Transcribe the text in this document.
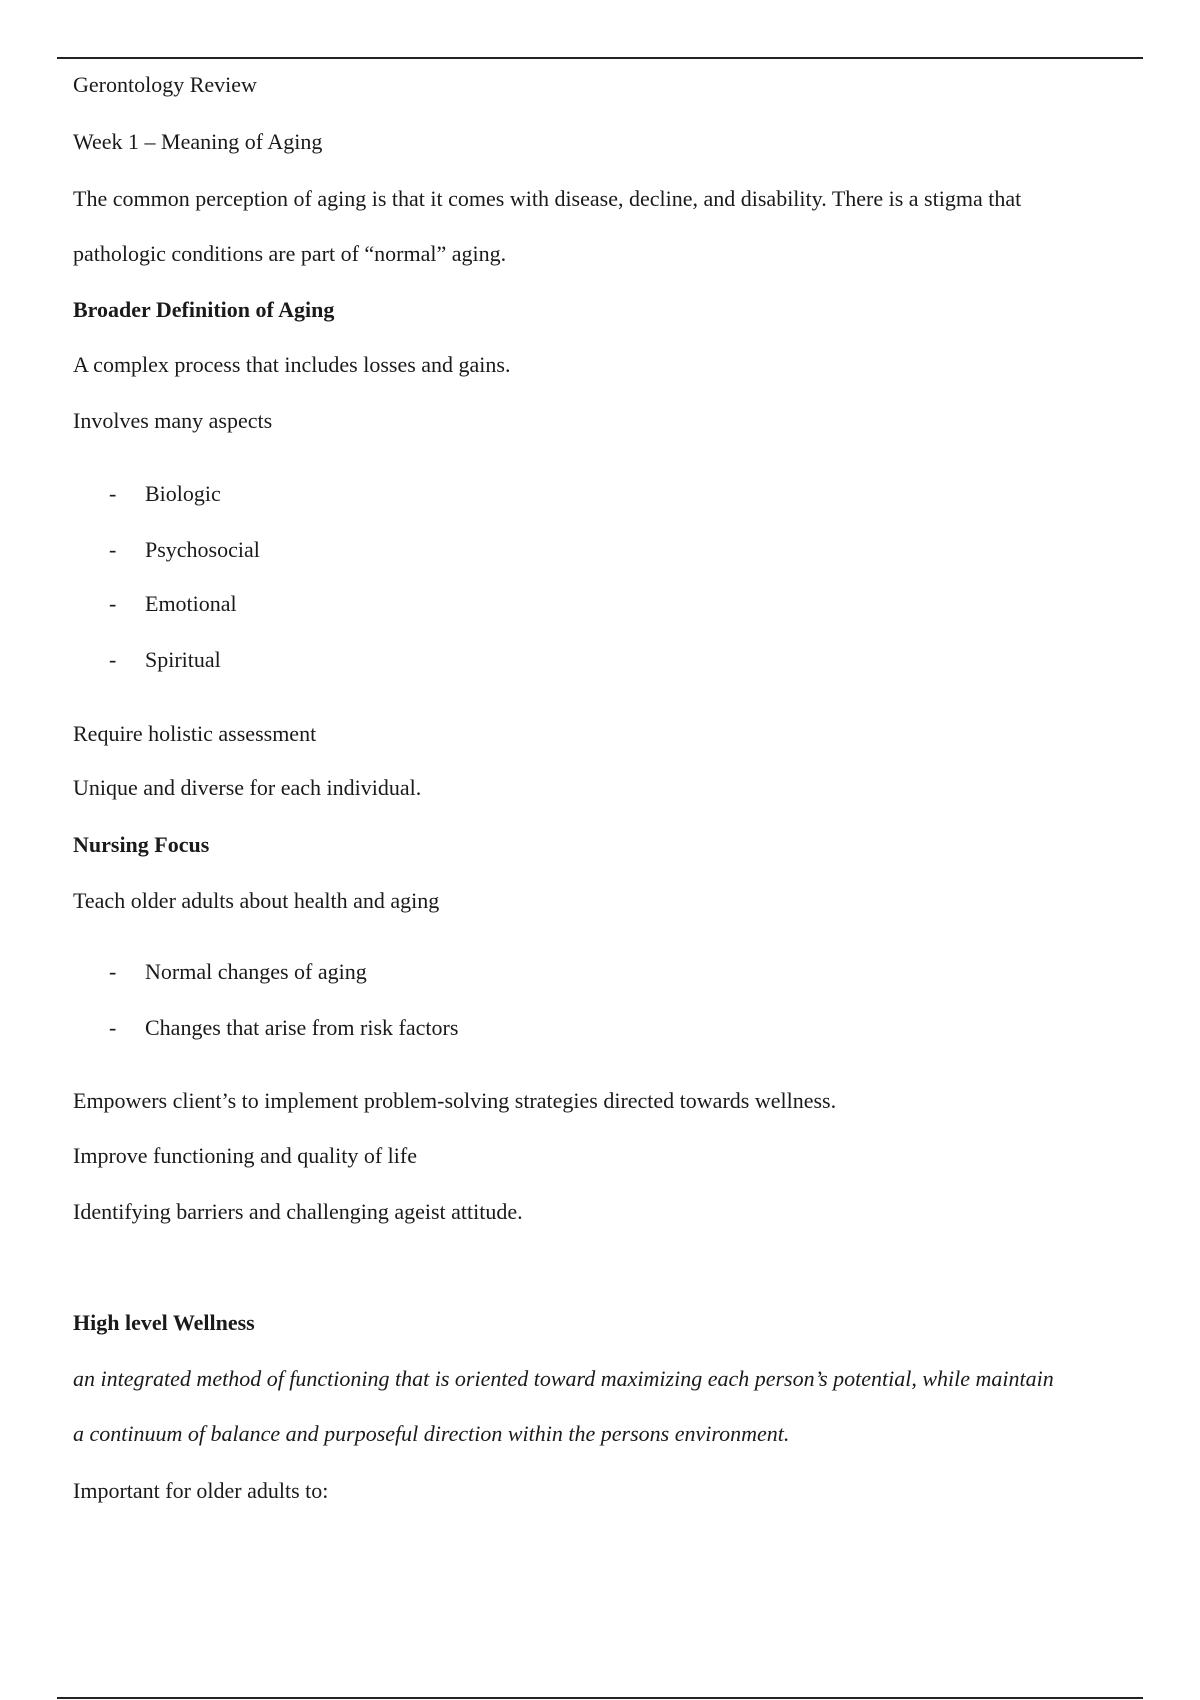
Gerontology Review
Week 1 – Meaning of Aging
The common perception of aging is that it comes with disease, decline, and disability. There is a stigma that
pathologic conditions are part of “normal” aging.
Broader Definition of Aging
A complex process that includes losses and gains.
Involves many aspects
- Biologic
- Psychosocial
- Emotional
- Spiritual
Require holistic assessment
Unique and diverse for each individual.
Nursing Focus
Teach older adults about health and aging
- Normal changes of aging
- Changes that arise from risk factors
Empowers client’s to implement problem-solving strategies directed towards wellness.
Improve functioning and quality of life
Identifying barriers and challenging ageist attitude.
High level Wellness
an integrated method of functioning that is oriented toward maximizing each person’s potential, while maintain
a continuum of balance and purposeful direction within the persons environment.
Important for older adults to:
